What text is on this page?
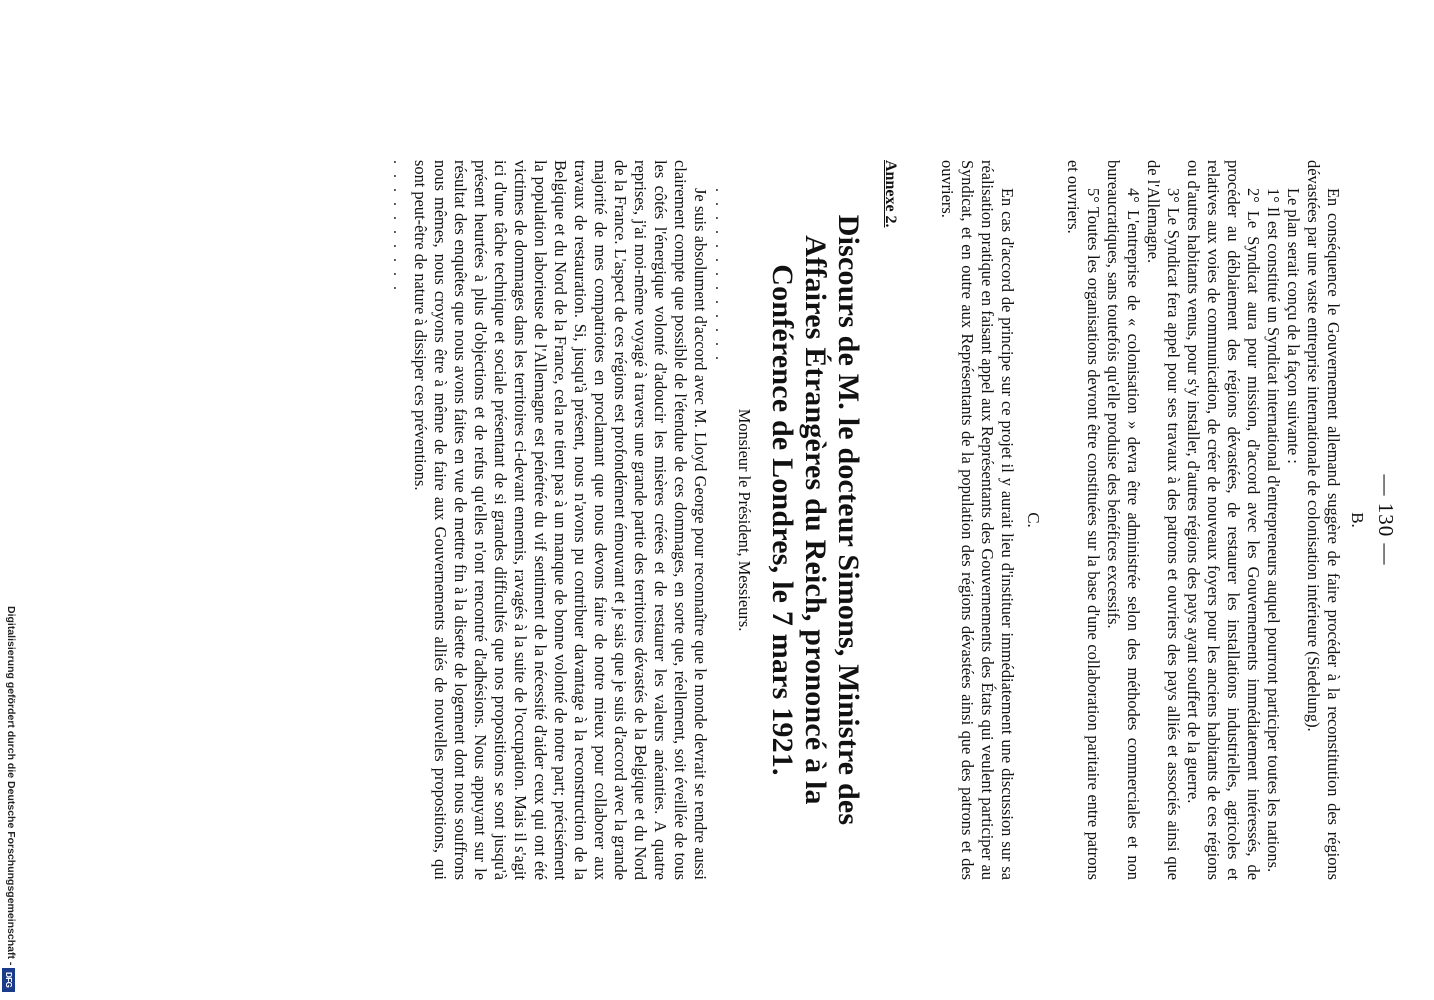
— 130 —
B.

En conséquence le Gouvernement allemand suggère de faire procéder à la reconstitution des régions dévastées par une vaste entreprise internationale de colonisation intérieure (Siedelung).

Le plan serait conçu de la façon suivante :

1° Il est constitué un Syndicat international d'entrepreneurs auquel pourront participer toutes les nations.

2° Le Syndicat aura pour mission, d'accord avec les Gouvernements immédiatement intéressés, de procéder au déblaiement des régions dévastées, de restaurer les installations industrielles, agricoles et relatives aux voies de communication, de créer de nouveaux foyers pour les anciens habitants de ces régions ou d'autres habitants venus, pour s'y installer, d'autres régions des pays ayant souffert de la guerre.

3° Le Syndicat fera appel pour ses travaux à des patrons et ouvriers des pays alliés et associés ainsi que de l'Allemagne.

4° L'entreprise de « colonisation » devra être administrée selon des méthodes commerciales et non bureaucratiques, sans toutefois qu'elle produise des bénéfices excessifs.

5° Toutes les organisations devront être constituées sur la base d'une collaboration paritaire entre patrons et ouvriers.

C.

En cas d'accord de principe sur ce projet il y aurait lieu d'instituer immédiatement une discussion sur sa réalisation pratique en faisant appel aux Représentants des Gouvernements des États qui veulent participer au Syndicat, et en outre aux Représentants de la population des régions dévastées ainsi que des patrons et des ouvriers.

Annexe 2.
Discours de M. le docteur Simons, Ministre des Affaires Étrangères du Reich, prononcé à la Conférence de Londres, le 7 mars 1921.
Monsieur le Président, Messieurs.
. . . . . . . . . . . . .

Je suis absolument d'accord avec M. Lloyd George pour reconnaître que le monde devrait se rendre aussi clairement compte que possible de l'étendue de ces dommages, en sorte que, réellement, soit éveillée de tous les côtés l'énergique volonté d'adoucir les misères créées et de restaurer les valeurs anéanties. A quatre reprises, j'ai moi-même voyagé à travers une grande partie des territoires dévastés de la Belgique et du Nord de la France. L'aspect de ces régions est profondément émouvant et je sais que je suis d'accord avec la grande majorité de mes compatriotes en proclamant que nous devons faire de notre mieux pour collaborer aux travaux de restauration. Si, jusqu'à présent, nous n'avons pu contribuer davantage à la reconstruction de la Belgique et du Nord de la France, cela ne tient pas à un manque de bonne volonté de notre part; précisément la population laborieuse de l'Allemagne est pénétrée du vif sentiment de la nécessité d'aider ceux qui ont été victimes de dommages dans les territoires ci-devant ennemis, ravagés à la suite de l'occupation. Mais il s'agit ici d'une tâche technique et sociale présentant de si grandes difficultés que nos propositions se sont jusqu'à présent heurtées à plus d'objections et de refus qu'elles n'ont rencontré d'adhésions. Nous appuyant sur le résultat des enquêtes que nous avons faites en vue de mettre fin à la disette de logement dont nous souffrons nous mêmes, nous croyons être à même de faire aux Gouvernements alliés de nouvelles propositions, qui sont peut-être de nature à dissiper ces préventions.

. . . . . . . . . .
Digitalisierung gefördert durch die Deutsche Forschungsgemeinschaft -
DFG
